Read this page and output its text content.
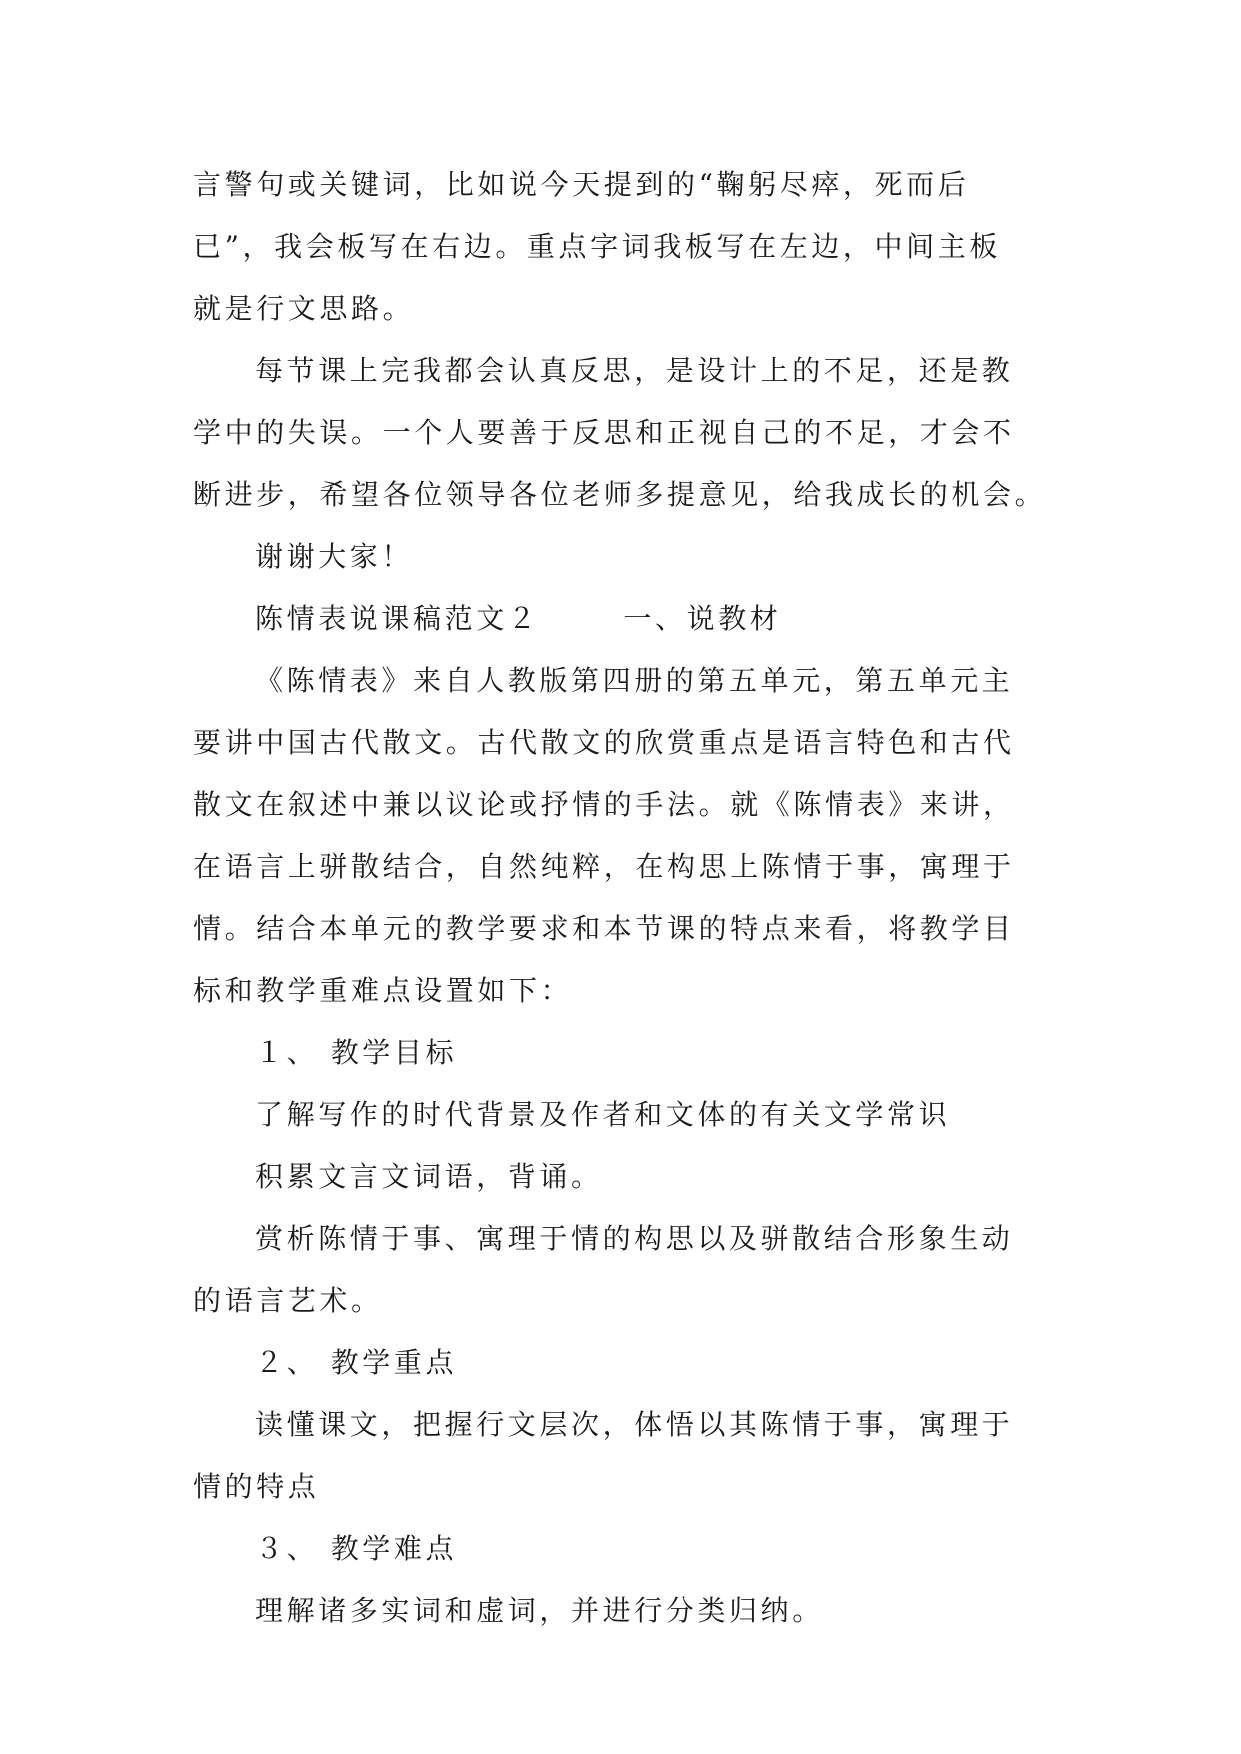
言警句或关键词，比如说今天提到的“鞠躬尽瘁，死而后
已”，我会板写在右边。重点字词我板写在左边，中间主板
就是行文思路。
每节课上完我都会认真反思，是设计上的不足，还是教
学中的失误。一个人要善于反思和正视自己的不足，才会不
断进步，希望各位领导各位老师多提意见，给我成长的机会。
谢谢大家！
陈情表说课稿范文２	一、说教材
《陈情表》来自人教版第四册的第五单元，第五单元主
要讲中国古代散文。古代散文的欣赏重点是语言特色和古代
散文在叙述中兼以议论或抒情的手法。就《陈情表》来讲，
在语言上骈散结合，自然纯粹，在构思上陈情于事，寓理于
情。结合本单元的教学要求和本节课的特点来看，将教学目
标和教学重难点设置如下：
１、 教学目标
了解写作的时代背景及作者和文体的有关文学常识
积累文言文词语，背诵。
赏析陈情于事、寓理于情的构思以及骈散结合形象生动
的语言艺术。
２、 教学重点
读懂课文，把握行文层次，体悟以其陈情于事，寓理于
情的特点
３、 教学难点
理解诸多实词和虚词，并进行分类归纳。
